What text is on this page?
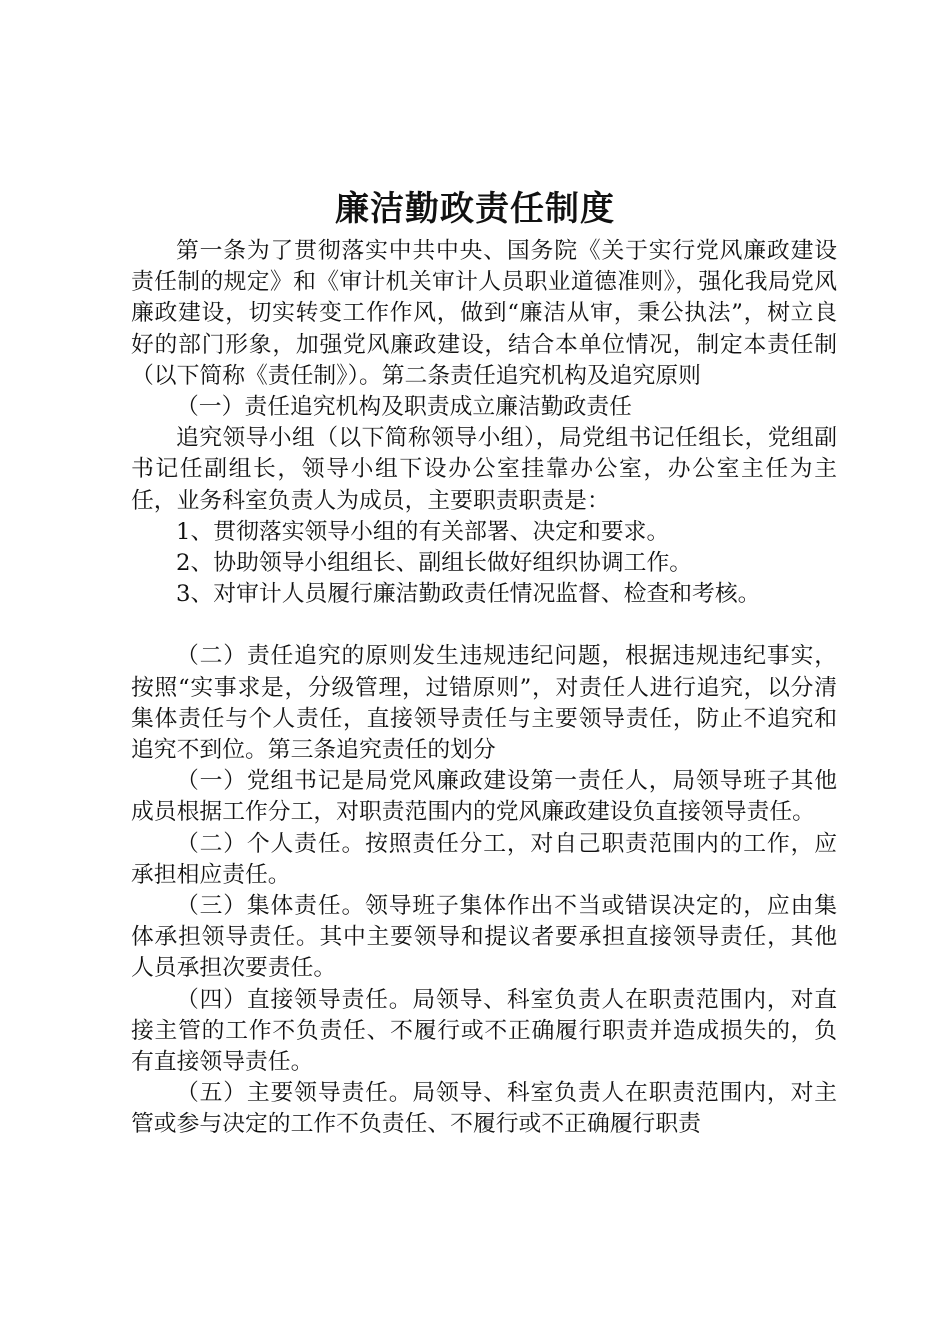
廉洁勤政责任制度

第一条为了贯彻落实中共中央、国务院《关于实行党风廉政建设责任制的规定》和《审计机关审计人员职业道德准则》，强化我局党风廉政建设，切实转变工作作风，做到“廉洁从审，秉公执法”，树立良好的部门形象，加强党风廉政建设，结合本单位情况，制定本责任制（以下简称《责任制》）。第二条责任追究机构及追究原则

（一）责任追究机构及职责成立廉洁勤政责任

追究领导小组（以下简称领导小组），局党组书记任组长，党组副书记任副组长，领导小组下设办公室挂靠办公室，办公室主任为主任，业务科室负责人为成员，主要职责职责是：

1、贯彻落实领导小组的有关部署、决定和要求。

2、协助领导小组组长、副组长做好组织协调工作。

3、对审计人员履行廉洁勤政责任情况监督、检查和考核。

（二）责任追究的原则发生违规违纪问题，根据违规违纪事实，按照“实事求是，分级管理，过错原则”，对责任人进行追究，以分清集体责任与个人责任，直接领导责任与主要领导责任，防止不追究和追究不到位。第三条追究责任的划分

（一）党组书记是局党风廉政建设第一责任人，局领导班子其他成员根据工作分工，对职责范围内的党风廉政建设负直接领导责任。

（二）个人责任。按照责任分工，对自己职责范围内的工作，应承担相应责任。

（三）集体责任。领导班子集体作出不当或错误决定的，应由集体承担领导责任。其中主要领导和提议者要承担直接领导责任，其他人员承担次要责任。

（四）直接领导责任。局领导、科室负责人在职责范围内，对直接主管的工作不负责任、不履行或不正确履行职责并造成损失的，负有直接领导责任。

（五）主要领导责任。局领导、科室负责人在职责范围内，对主管或参与决定的工作不负责任、不履行或不正确履行职责
